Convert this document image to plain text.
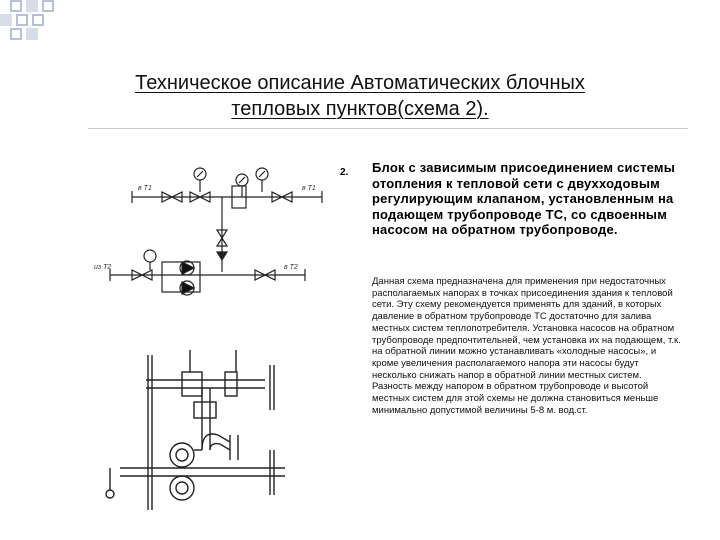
Техническое описание Автоматических блочных
тепловых пунктов(схема 2).
2. Блок с зависимым присоединением системы отопления к тепловой сети с двухходовым регулирующим клапаном, установленным на подающем трубопроводе ТС, со сдвоенным насосом на обратном трубопроводе.
Данная схема предназначена для применения при недостаточных располагаемых напорах в точках присоединения здания к тепловой сети. Эту схему рекомендуется применять для зданий, в которых давление в обратном трубопроводе ТС достаточно для залива местных систем теплопотребителя. Установка насосов на обратном трубопроводе предпочтительней, чем установка их на подающем, т.к. на обратной линии можно устанавливать «холодные насосы», и кроме увеличения располагаемого напора эти насосы будут несколько снижать напор в обратной линии местных систем. Разность между напором в обратном трубопроводе и высотой местных систем для этой схемы не должна становиться меньше минимально допустимой величины 5-8 м. вод.ст.
в Т1	в Т1
из Т2	в Т2
